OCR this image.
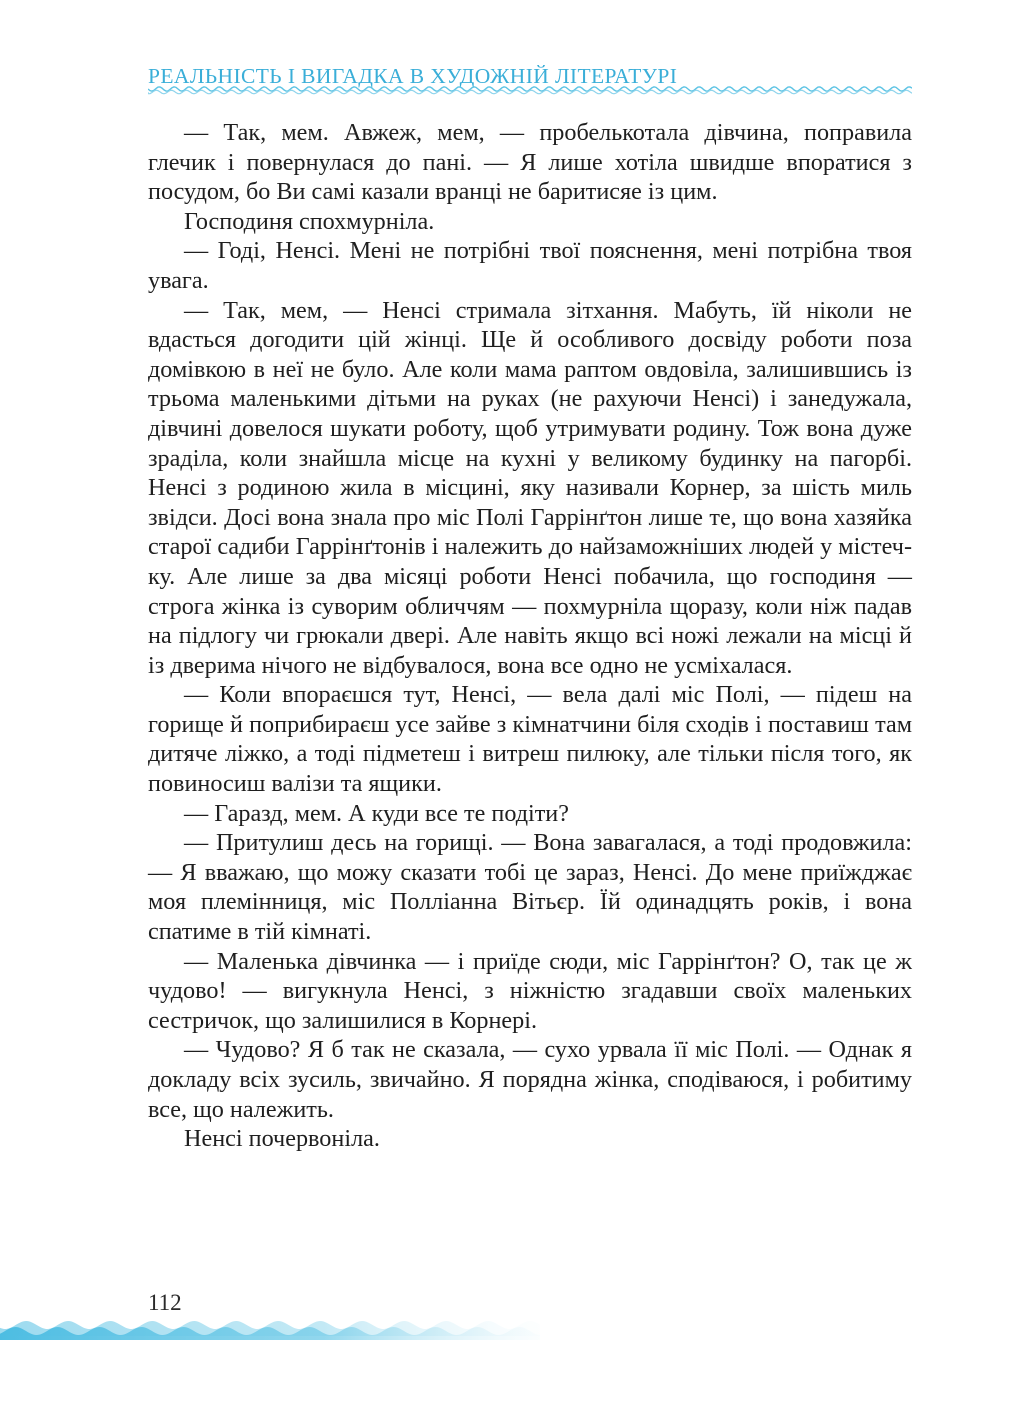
РЕАЛЬНІСТЬ І ВИГАДКА В ХУДОЖНІЙ ЛІТЕРАТУРІ

— Так, мем. Авжеж, мем, — пробелькотала дівчина, поправила глечик і повернулася до пані. — Я лише хотіла швидше впоратися з посудом, бо Ви самі казали вранці не баритисяе із цим.

Господиня спохмурніла.

— Годі, Ненсі. Мені не потрібні твої пояснення, мені потрібна твоя увага.

— Так, мем, — Ненсі стримала зітхання. Мабуть, їй ніколи не вдасться догодити цій жінці. Ще й особливого досвіду роботи поза домівкою в неї не було. Але коли мама раптом овдовіла, залишившись із трьома маленькими дітьми на руках (не рахуючи Ненсі) і занедужала, дівчині довелося шукати роботу, щоб утримувати родину. Тож вона дуже зраділа, коли знайшла місце на кухні у великому будинку на пагорбі. Ненсі з родиною жила в місцині, яку називали Корнер, за шість миль звідси. Досі вона знала про міс Полі Гаррінґтон лише те, що вона хазяйка старої садиби Гаррінґтонів і належить до найзаможніших людей у містечку. Але лише за два місяці роботи Ненсі побачила, що господиня — строга жінка із суворим обличчям — похмурніла щоразу, коли ніж падав на підлогу чи грюкали двері. Але навіть якщо всі ножі лежали на місці й із дверима нічого не відбувалося, вона все одно не усміхалася.

— Коли впораєшся тут, Ненсі, — вела далі міс Полі, — підеш на горище й поприбираєш усе зайве з кімнатчини біля сходів і поставиш там дитяче ліжко, а тоді підметеш і витреш пилюку, але тільки після того, як повиносиш валізи та ящики.

— Гаразд, мем. А куди все те подіти?

— Притулиш десь на горищі. — Вона завагалася, а тоді продовжила: — Я вважаю, що можу сказати тобі це зараз, Ненсі. До мене приїжджає моя племінниця, міс Полліанна Вітьєр. Їй одинадцять років, і вона спатиме в тій кімнаті.

— Маленька дівчинка — і приїде сюди, міс Гаррінґтон? О, так це ж чудово! — вигукнула Ненсі, з ніжністю згадавши своїх маленьких сестричок, що залишилися в Корнері.

— Чудово? Я б так не сказала, — сухо урвала її міс Полі. — Однак я докладу всіх зусиль, звичайно. Я порядна жінка, сподіваюся, і робитиму все, що належить.

Ненсі почервоніла.

112
